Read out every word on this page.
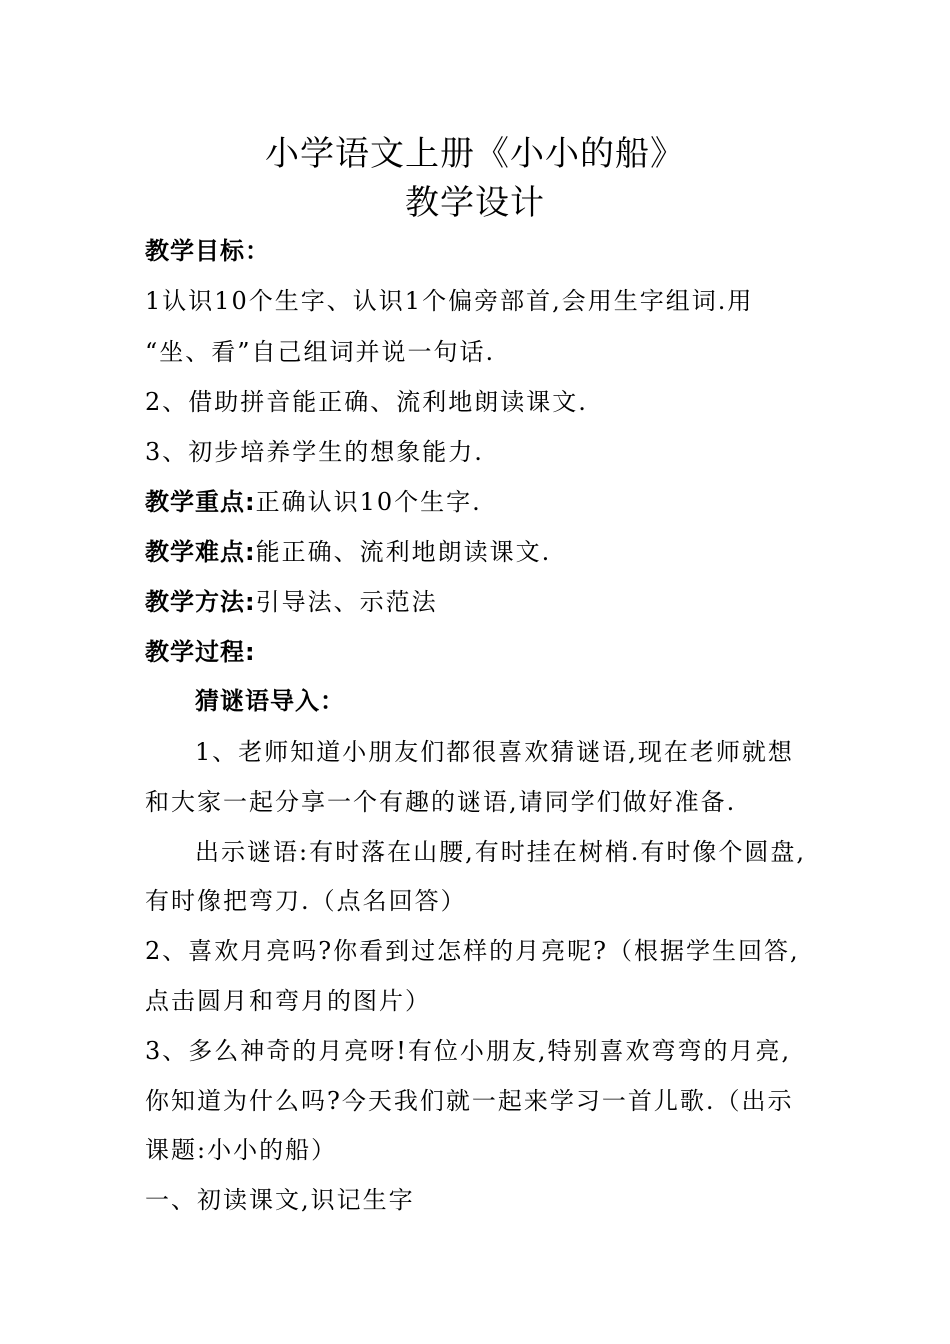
小学语文上册《小小的船》
教学设计
教学目标：
1认识10个生字、认识1个偏旁部首,会用生字组词.用
“坐、看”自己组词并说一句话.
2、借助拼音能正确、流利地朗读课文.
3、初步培养学生的想象能力.
教学重点:正确认识10个生字.
教学难点:能正确、流利地朗读课文.
教学方法:引导法、示范法
教学过程:
猜谜语导入：
1、老师知道小朋友们都很喜欢猜谜语,现在老师就想
和大家一起分享一个有趣的谜语,请同学们做好准备.
出示谜语:有时落在山腰,有时挂在树梢.有时像个圆盘,
有时像把弯刀.（点名回答）
2、喜欢月亮吗?你看到过怎样的月亮呢?（根据学生回答,
点击圆月和弯月的图片）
3、多么神奇的月亮呀!有位小朋友,特别喜欢弯弯的月亮,
你知道为什么吗?今天我们就一起来学习一首儿歌.（出示
课题:小小的船）
一、初读课文,识记生字
